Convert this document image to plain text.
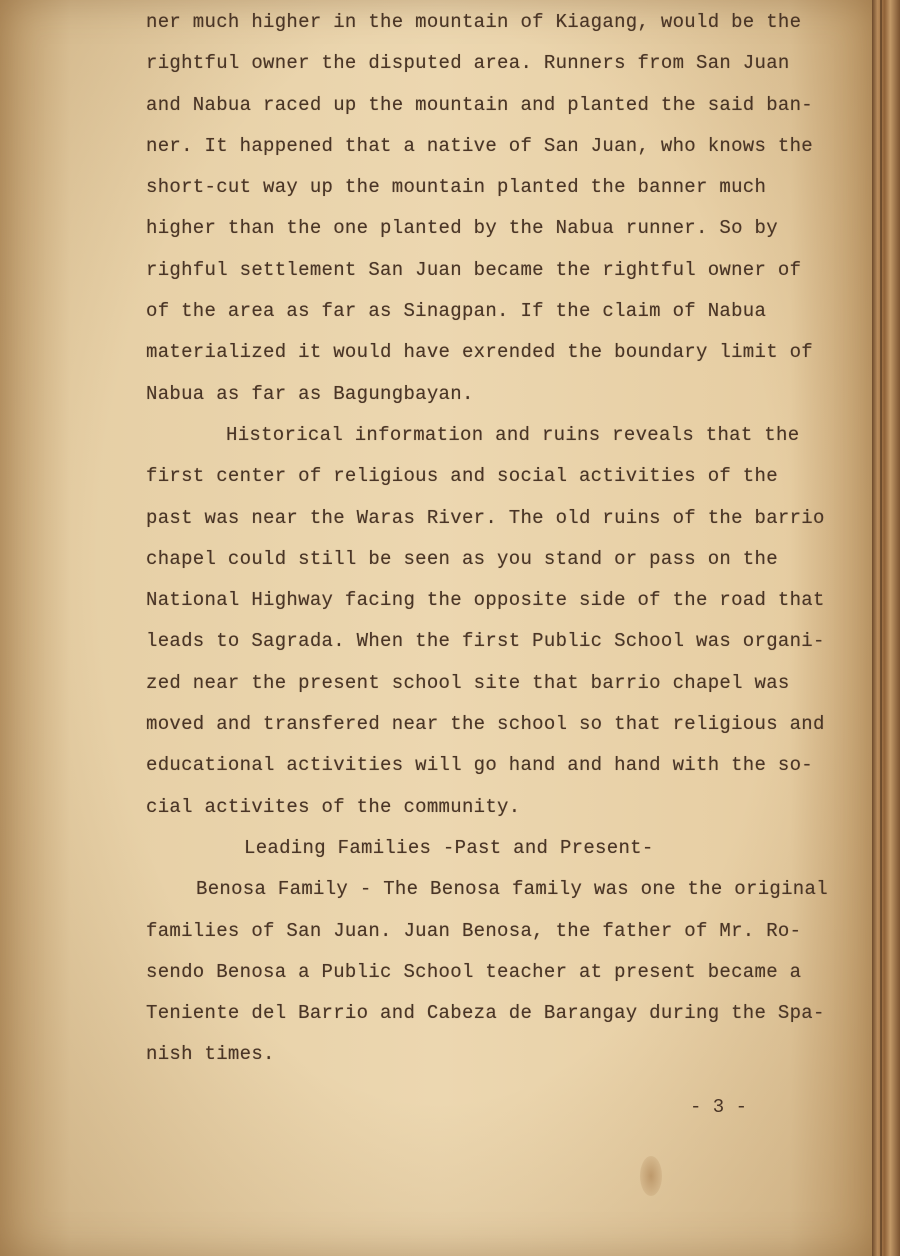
ner much higher in the mountain of Kiagang, would be the
rightful owner the disputed area. Runners from San Juan
and Nabua raced up the mountain and planted the said ban-
ner. It happened that a native of San Juan, who knows the
short-cut way up the mountain planted the banner much
higher than the one planted by the Nabua runner. So by
righful settlement San Juan became the rightful owner of
of the area as far as Sinagpan. If the claim of Nabua
materialized it would have exrended the boundary limit of
Nabua as far as Bagungbayan.
Historical information and ruins reveals that the
first center of religious and social activities of the
past was near the Waras River. The old ruins of the barrio
chapel could still be seen as you stand or pass on the
National Highway facing the opposite side of the road that
leads to Sagrada. When the first Public School was organi-
zed near the present school site that barrio chapel was
moved and transfered near the school so that religious and
educational activities will go hand and hand with the so-
cial activites of the community.
Leading Families -Past and Present-
Benosa Family - The Benosa family was one the original
families of San Juan. Juan Benosa, the father of Mr. Ro-
sendo Benosa a Public School teacher at present became a
Teniente del Barrio and Cabeza de Barangay during the Spa-
nish times.
- 3 -
